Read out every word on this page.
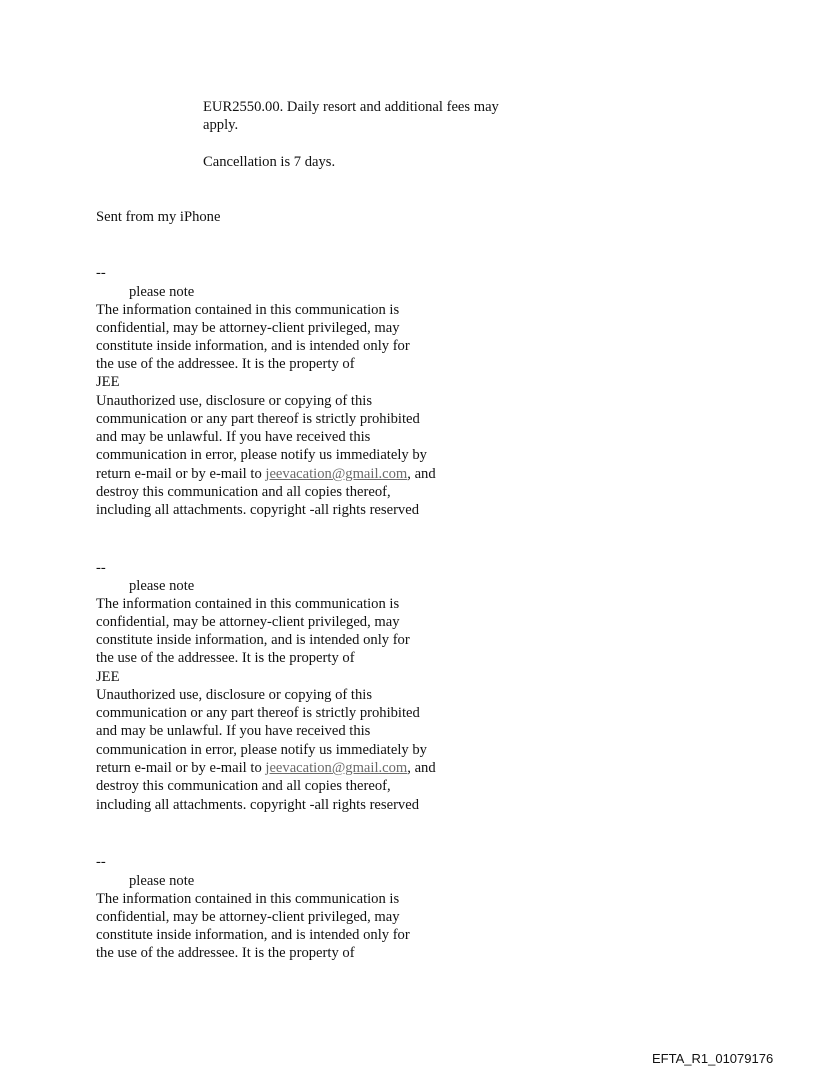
EUR2550.00. Daily resort and additional fees may
apply.
Cancellation is 7 days.
Sent from my iPhone
--
please note
The information contained in this communication is
confidential, may be attorney-client privileged, may
constitute inside information, and is intended only for
the use of the addressee. It is the property of
JEE
Unauthorized use, disclosure or copying of this
communication or any part thereof is strictly prohibited
and may be unlawful. If you have received this
communication in error, please notify us immediately by
return e-mail or by e-mail to jeevacation@gmail.com, and
destroy this communication and all copies thereof,
including all attachments. copyright -all rights reserved
--
please note
The information contained in this communication is
confidential, may be attorney-client privileged, may
constitute inside information, and is intended only for
the use of the addressee. It is the property of
JEE
Unauthorized use, disclosure or copying of this
communication or any part thereof is strictly prohibited
and may be unlawful. If you have received this
communication in error, please notify us immediately by
return e-mail or by e-mail to jeevacation@gmail.com, and
destroy this communication and all copies thereof,
including all attachments. copyright -all rights reserved
--
please note
The information contained in this communication is
confidential, may be attorney-client privileged, may
constitute inside information, and is intended only for
the use of the addressee. It is the property of
EFTA_R1_01079176
